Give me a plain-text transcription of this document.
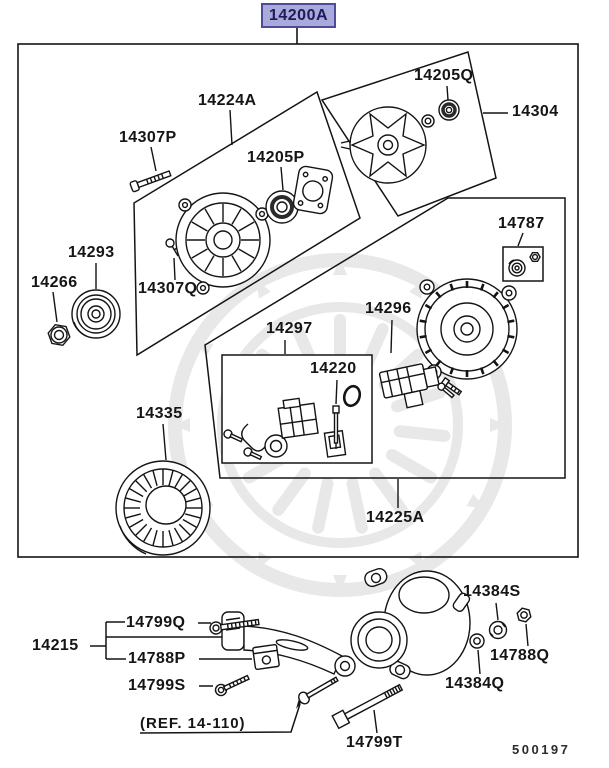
14200A
14224A
14307P
14205P
14205Q
14304
14787
14293
14266	14307Q
14297
14296
14220
14335
14225A
14215
14799Q
14788P
14799S
14799T
14384S
14788Q
14384Q
(REF. 14-110)
500197
